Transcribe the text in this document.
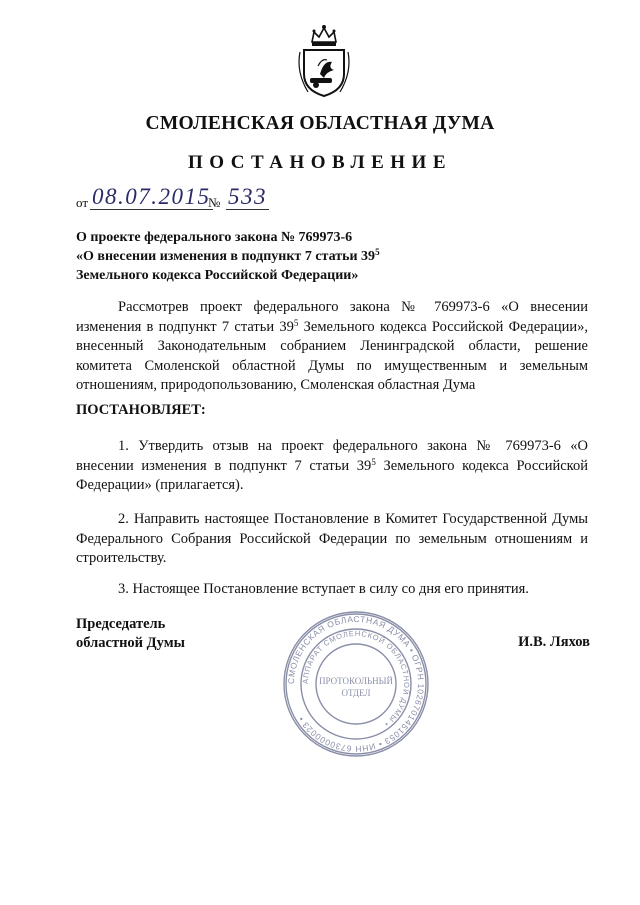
СМОЛЕНСКАЯ ОБЛАСТНАЯ ДУМА
ПОСТАНОВЛЕНИЕ
от 08.07.2015
№ 533
О проекте федерального закона № 769973-6
«О внесении изменения в подпункт 7 статьи $39^5$
Земельного кодекса Российской Федерации»
Рассмотрев проект федерального закона № 769973-6 «О внесении изменения в подпункт 7 статьи $39^5$ Земельного кодекса Российской Федерации», внесенный Законодательным собранием Ленинградской области, решение комитета Смоленской областной Думы по имущественным и земельным отношениям, природопользованию, Смоленская областная Дума
ПОСТАНОВЛЯЕТ:
1. Утвердить отзыв на проект федерального закона № 769973-6 «О внесении изменения в подпункт 7 статьи $39^5$ Земельного кодекса Российской Федерации» (прилагается).
2. Направить настоящее Постановление в Комитет Государственной Думы Федерального Собрания Российской Федерации по земельным отношениям и строительству.
3. Настоящее Постановление вступает в силу со дня его принятия.
Председатель
областной Думы	И.В. Ляхов
СМОЛЕНСКАЯ ОБЛАСТНАЯ ДУМА • ОГРН 1026701451053 • ИНН 6730000023 •
АППАРАТ СМОЛЕНСКОЙ ОБЛАСТНОЙ ДУМЫ •
ПРОТОКОЛЬНЫЙ
ОТДЕЛ
